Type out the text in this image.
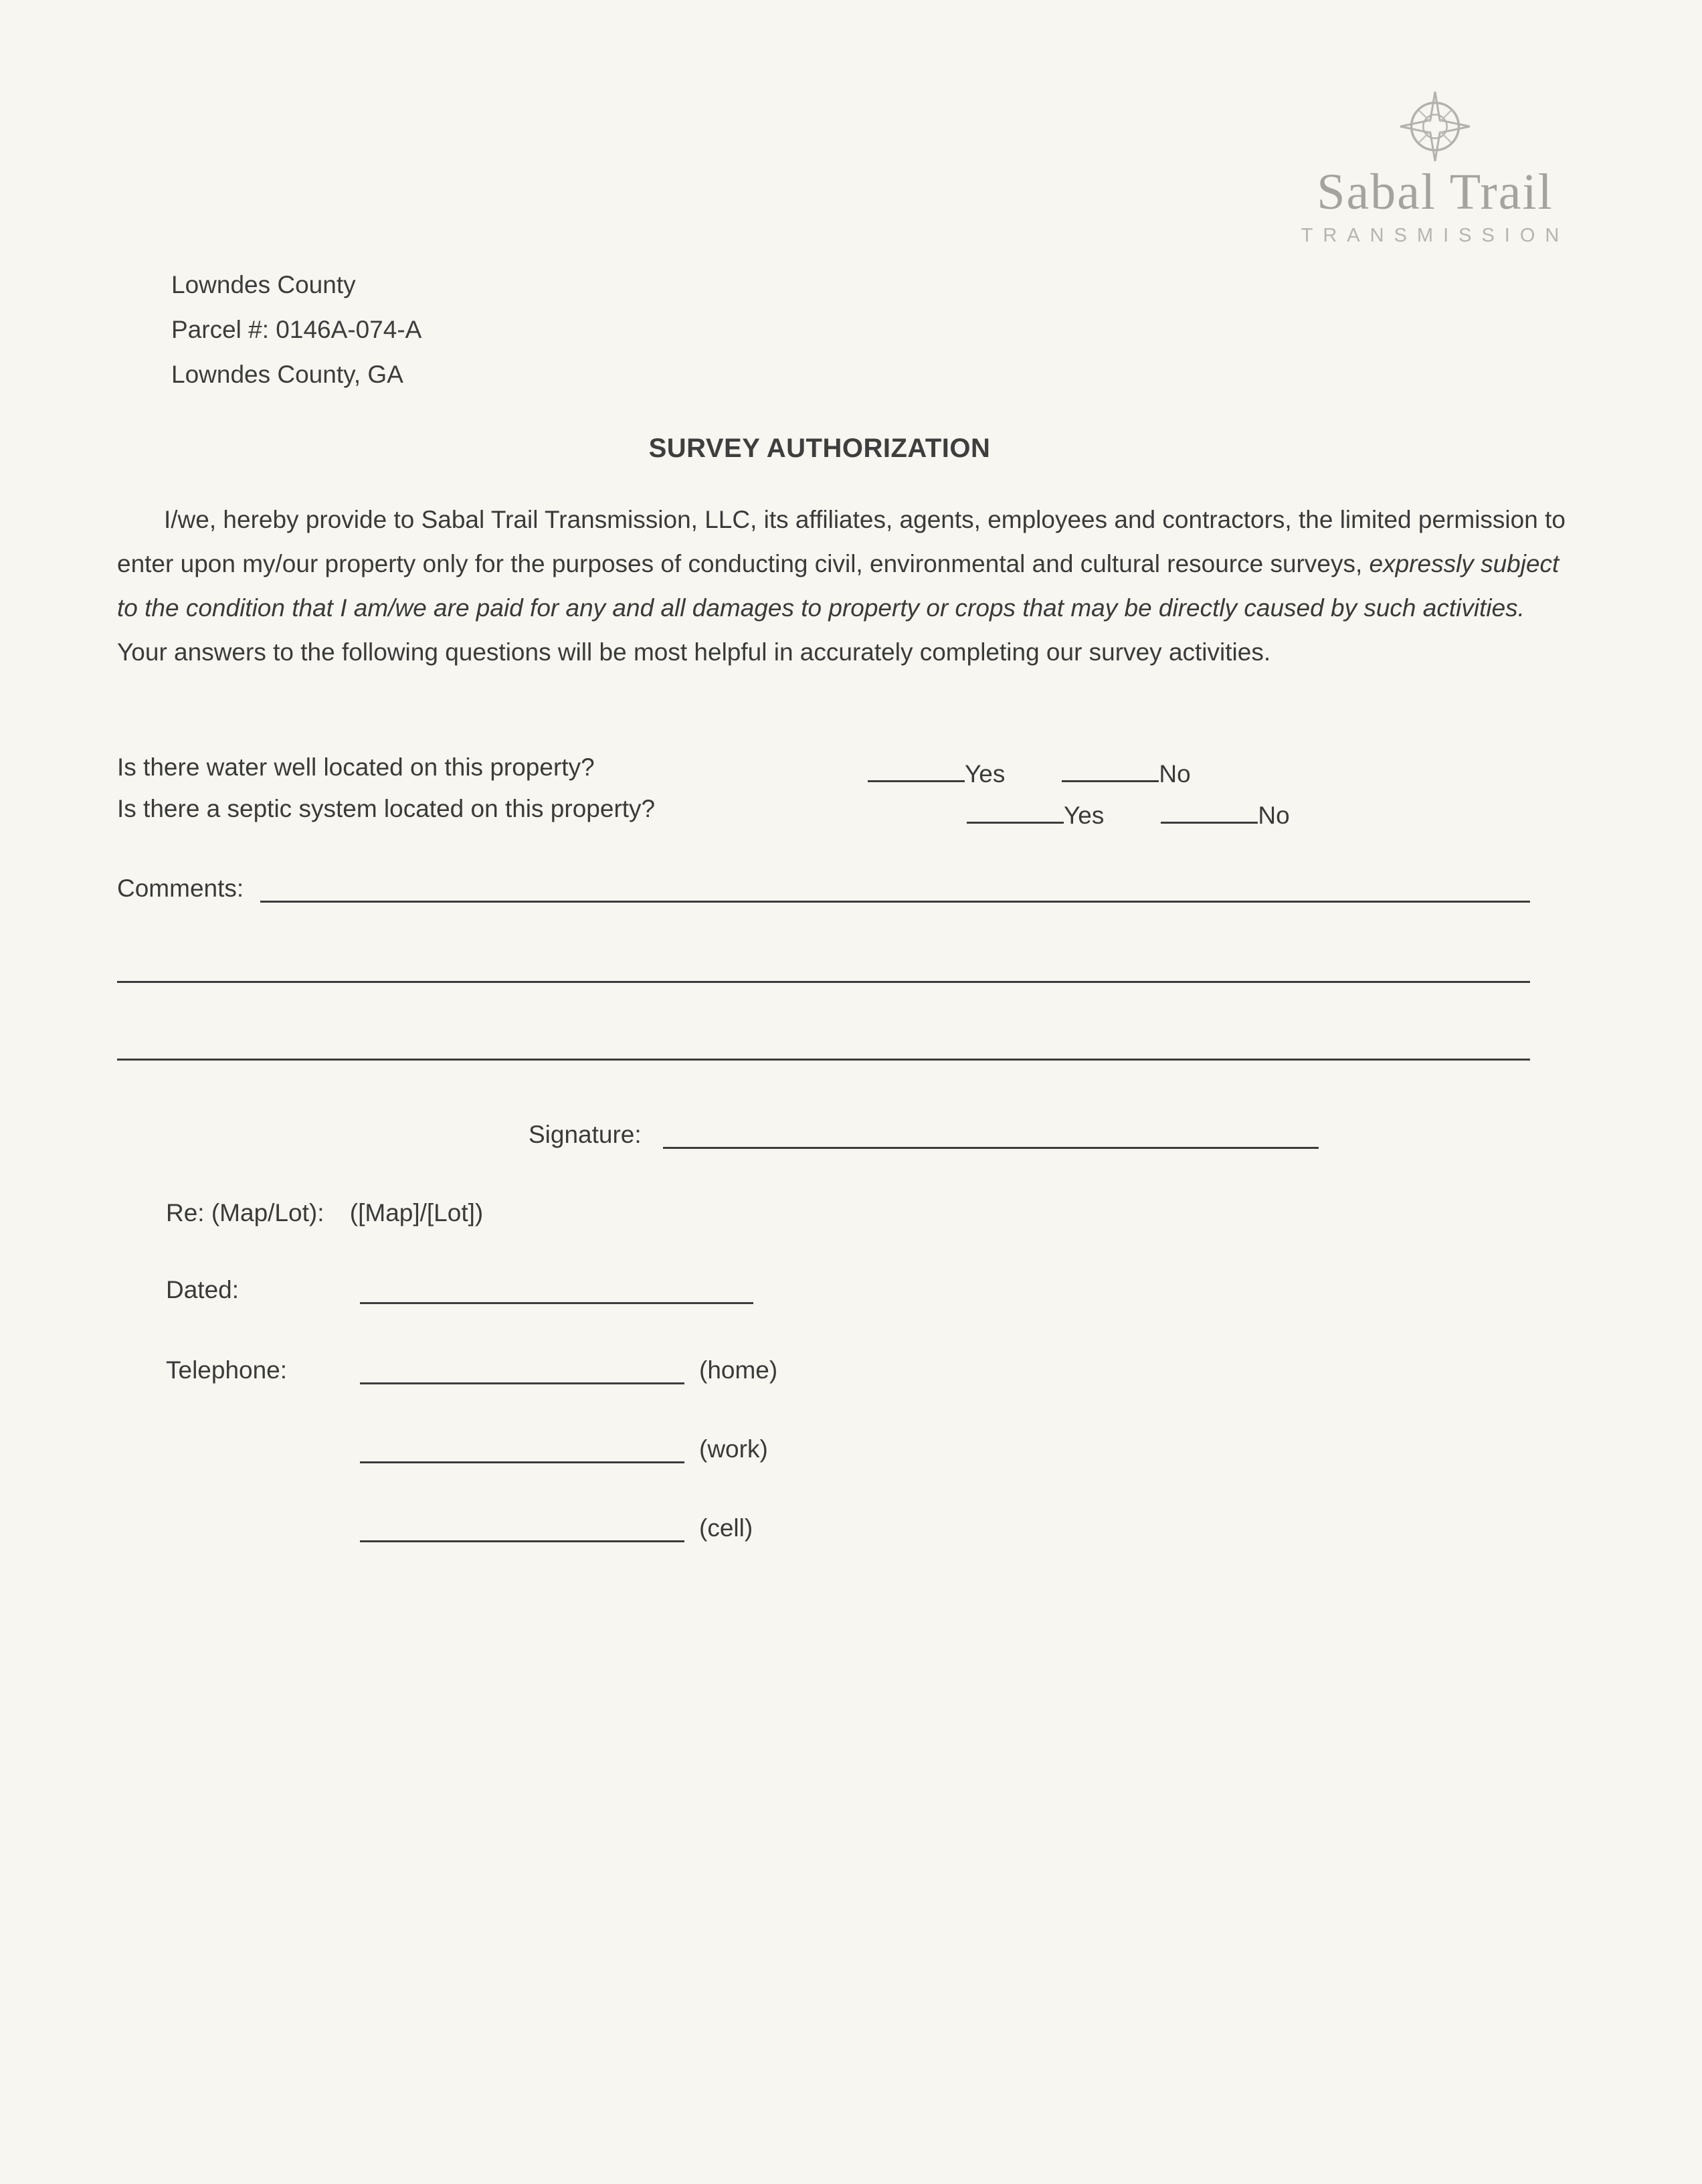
Sabal Trail
TRANSMISSION
Lowndes County
Parcel #: 0146A-074-A
Lowndes County, GA
SURVEY AUTHORIZATION
I/we, hereby provide to Sabal Trail Transmission, LLC, its affiliates, agents, employees and contractors, the limited permission to enter upon my/our property only for the purposes of conducting civil, environmental and cultural resource surveys, expressly subject to the condition that I am/we are paid for any and all damages to property or crops that may be directly caused by such activities. Your answers to the following questions will be most helpful in accurately completing our survey activities.
Is there water well located on this property?	Yes	No
Is there a septic system located on this property?	Yes	No
Comments:
Signature:
Re: (Map/Lot): ([Map]/[Lot])
Dated:
Telephone:	(home)
(work)
(cell)
